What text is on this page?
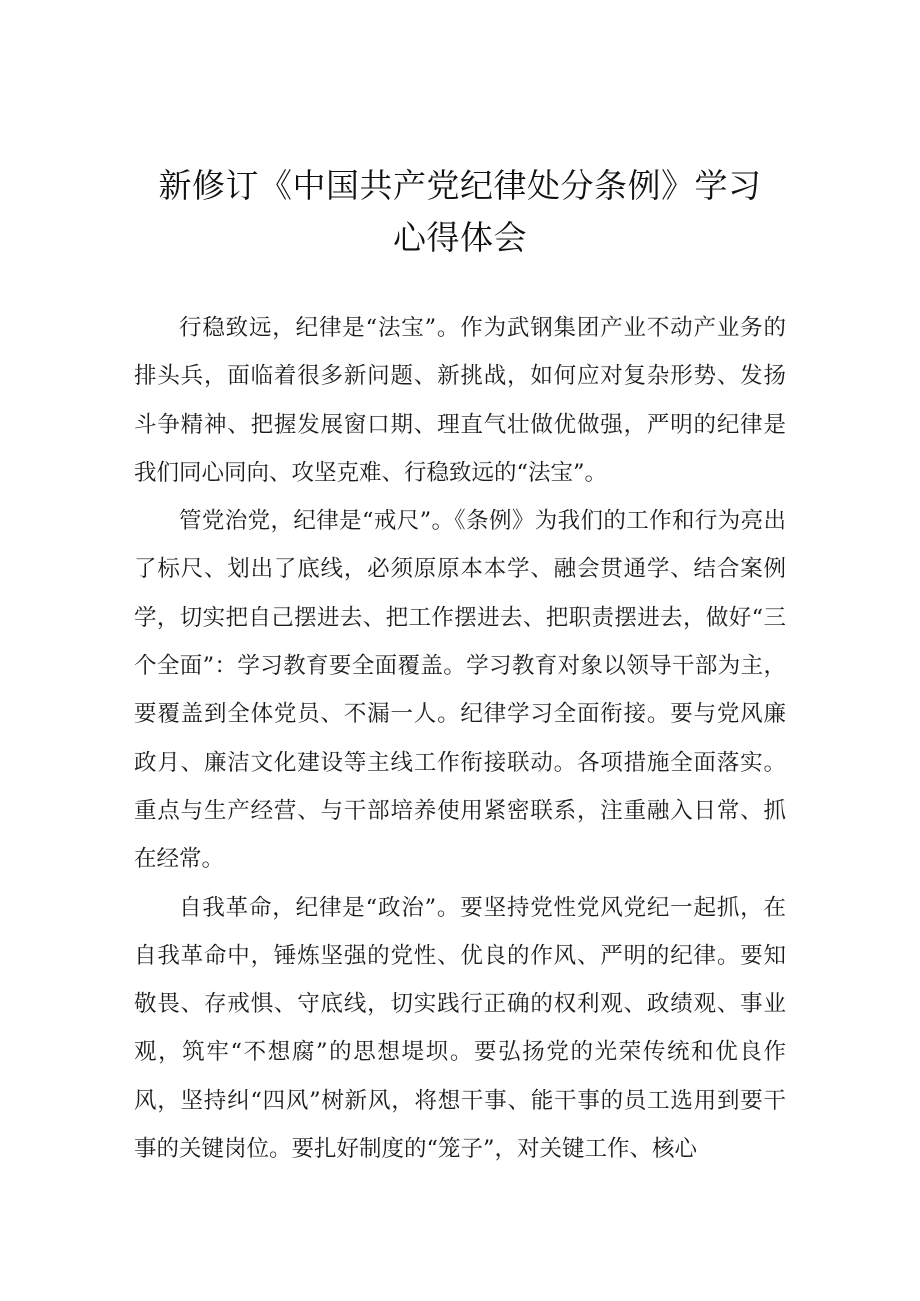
新修订《中国共产党纪律处分条例》学习
心得体会

行稳致远，纪律是“法宝”。作为武钢集团产业不动产业务的排头兵，面临着很多新问题、新挑战，如何应对复杂形势、发扬斗争精神、把握发展窗口期、理直气壮做优做强，严明的纪律是我们同心同向、攻坚克难、行稳致远的“法宝”。

管党治党，纪律是“戒尺”。《条例》为我们的工作和行为亮出了标尺、划出了底线，必须原原本本学、融会贯通学、结合案例学，切实把自己摆进去、把工作摆进去、把职责摆进去，做好“三个全面”：学习教育要全面覆盖。学习教育对象以领导干部为主，要覆盖到全体党员、不漏一人。纪律学习全面衔接。要与党风廉政月、廉洁文化建设等主线工作衔接联动。各项措施全面落实。重点与生产经营、与干部培养使用紧密联系，注重融入日常、抓在经常。

自我革命，纪律是“政治”。要坚持党性党风党纪一起抓，在自我革命中，锤炼坚强的党性、优良的作风、严明的纪律。要知敬畏、存戒惧、守底线，切实践行正确的权利观、政绩观、事业观，筑牢“不想腐”的思想堤坝。要弘扬党的光荣传统和优良作风，坚持纠“四风”树新风，将想干事、能干事的员工选用到要干事的关键岗位。要扎好制度的“笼子”，对关键工作、核心
